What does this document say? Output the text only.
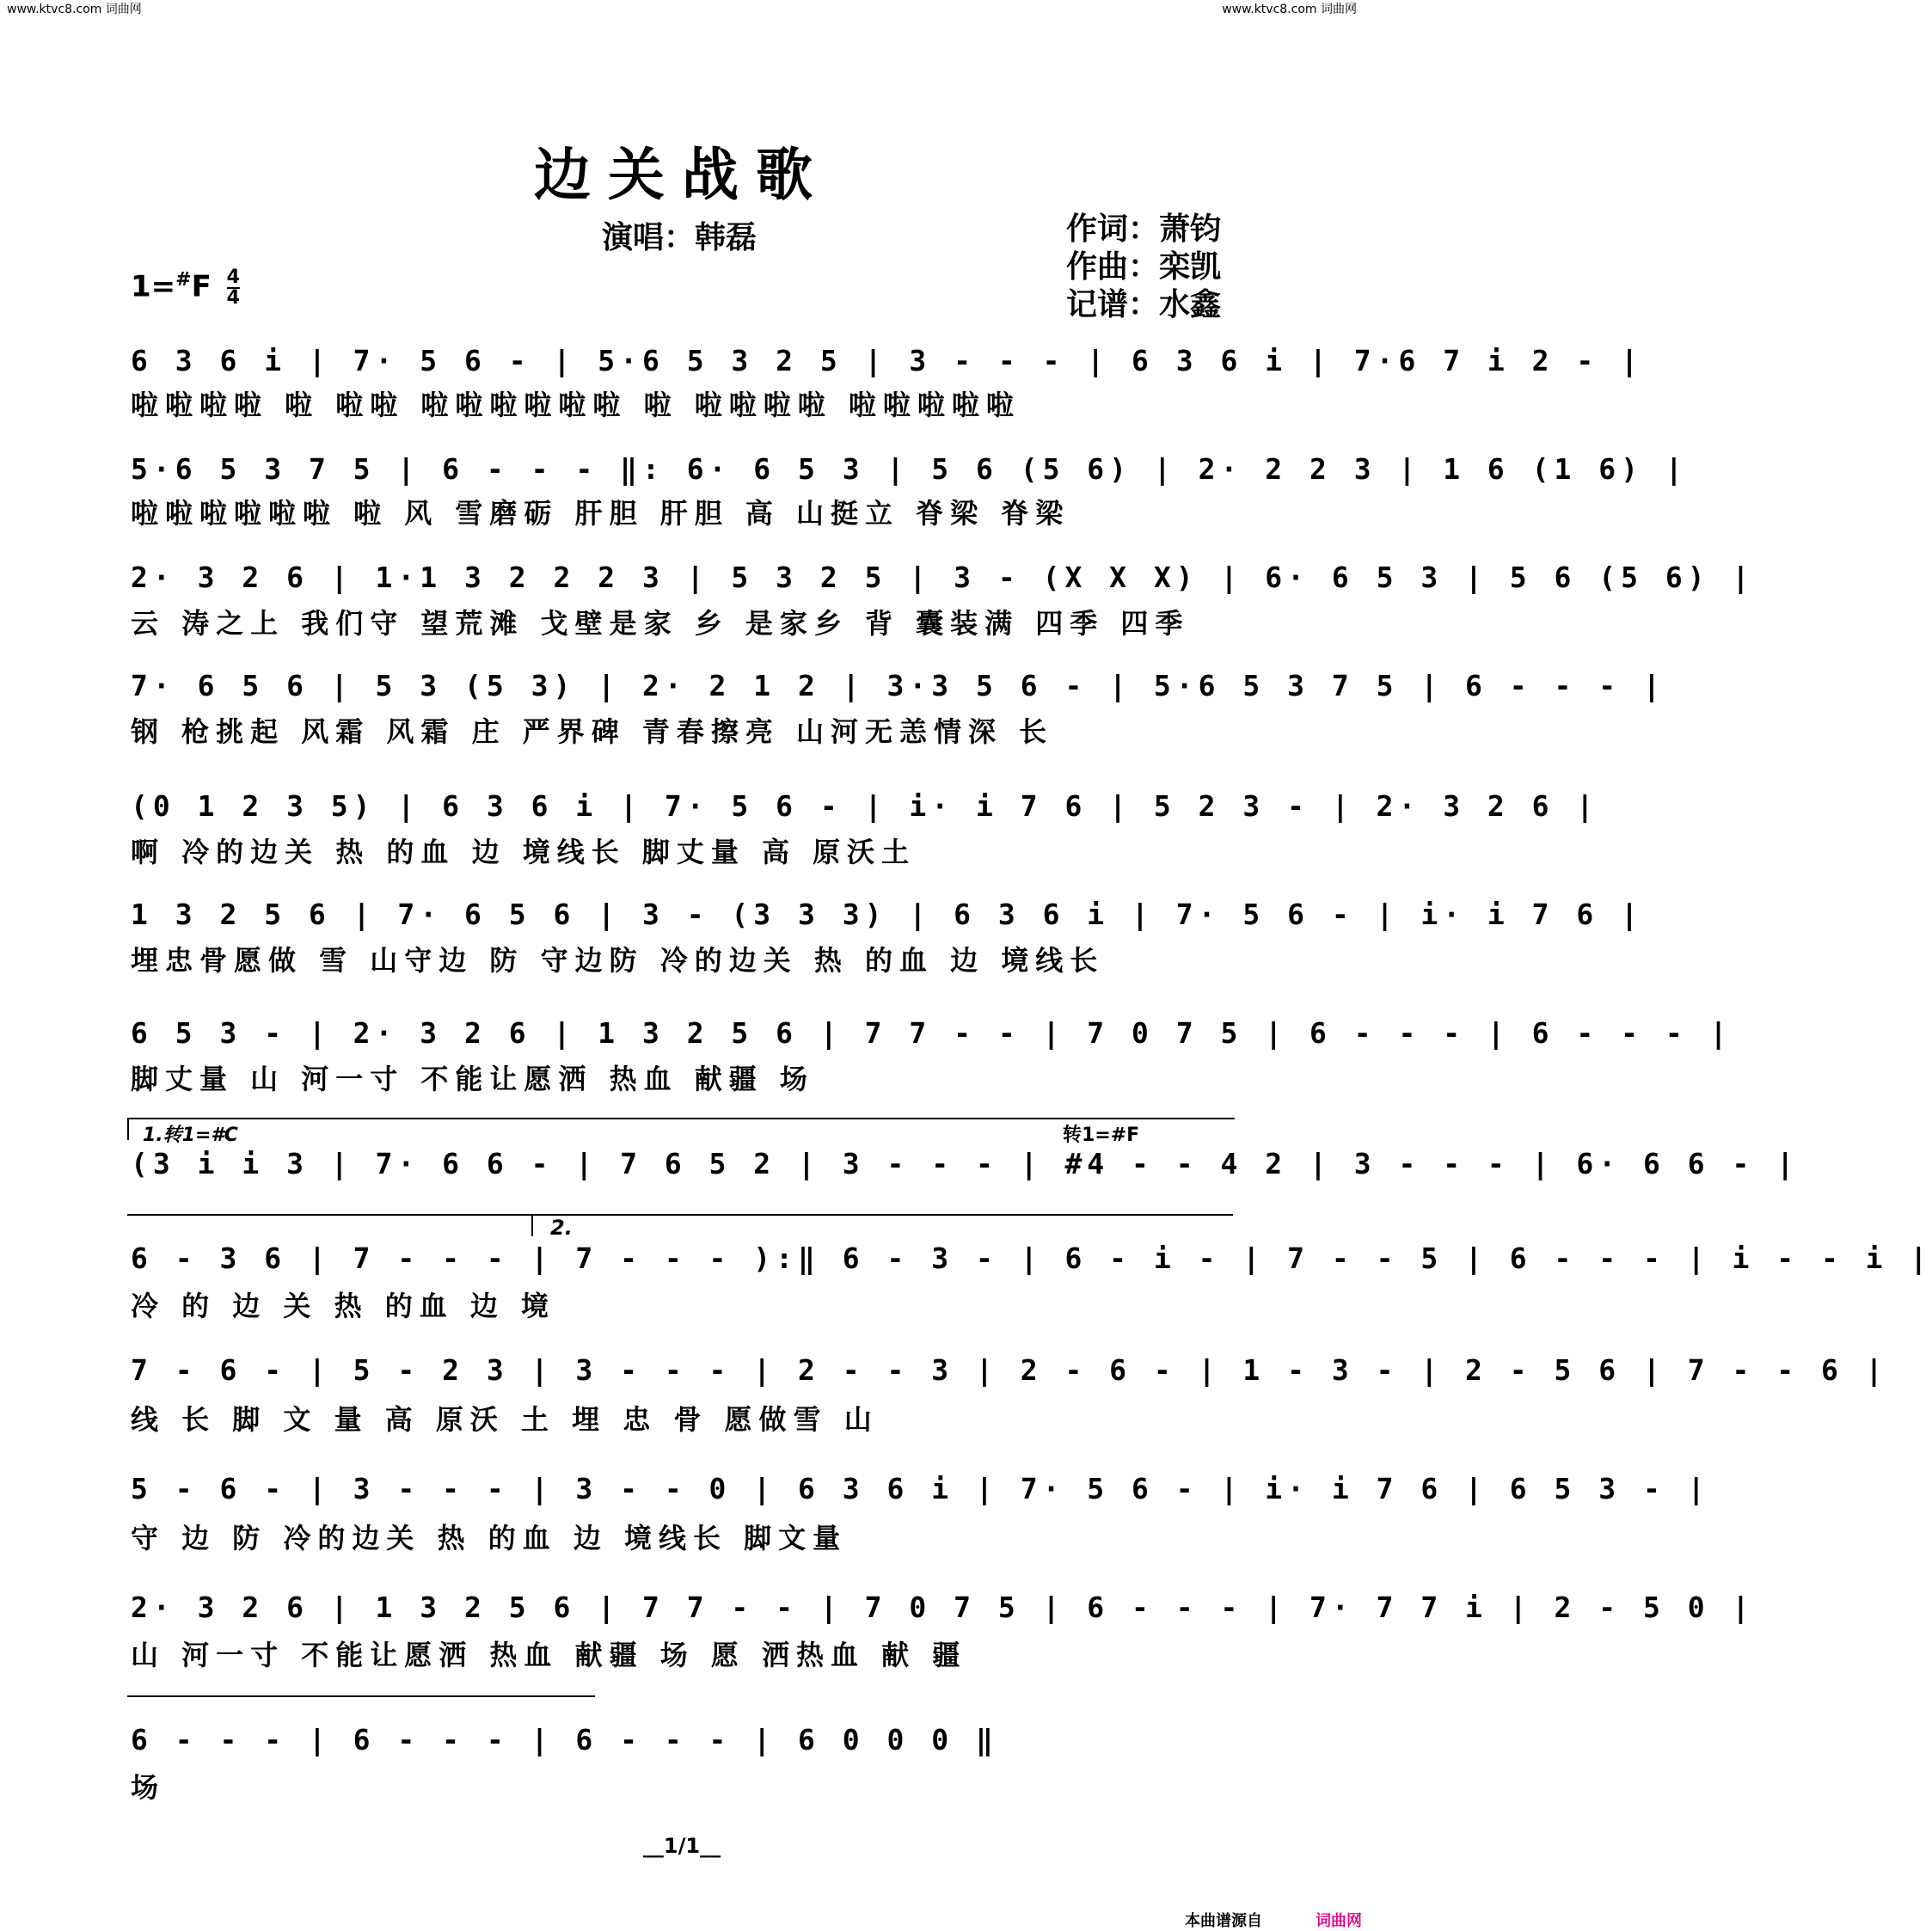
www.ktvc8.com 词曲网	www.ktvc8.com 词曲网
边关战歌
演唱：韩磊	作词：萧钧
作曲：栾凯
记谱：水鑫
$1=^{\#}F \frac{4}{4}$
6 3 6 i | 7· 5 6 - | 5·6 5 3 2 5 | 3 - - - | 6 3 6 i | 7·6 7 i 2 - |
啦啦啦啦 啦 啦啦 啦啦啦啦啦啦 啦 啦啦啦啦 啦啦啦啦啦
5·6 5 3 7 5 | 6 - - - ‖: 6· 6 5 3 | 5 6 (5 6) | 2· 2 2 3 | 1 6 (1 6) |
啦啦啦啦啦啦 啦 风 雪磨砺 肝胆 肝胆 高 山挺立 脊梁 脊梁
2· 3 2 6 | 1·1 3 2 2 2 3 | 5 3 2 5 | 3 - (X X X) | 6· 6 5 3 | 5 6 (5 6) |
云 涛之上 我们守 望荒滩 戈壁是家 乡 是家乡 背 囊装满 四季 四季
7· 6 5 6 | 5 3 (5 3) | 2· 2 1 2 | 3·3 5 6 - | 5·6 5 3 7 5 | 6 - - - |
钢 枪挑起 风霜 风霜 庄 严界碑 青春擦亮 山河无恙情深 长
(0 1 2 3 5) | 6 3 6 i | 7· 5 6 - | i· i 7 6 | 5 2 3 - | 2· 3 2 6 |
啊 冷的边关 热 的血 边 境线长 脚丈量 高 原沃土
1 3 2 5 6 | 7· 6 5 6 | 3 - (3 3 3) | 6 3 6 i | 7· 5 6 - | i· i 7 6 |
埋忠骨愿做 雪 山守边 防 守边防 冷的边关 热 的血 边 境线长
6 5 3 - | 2· 3 2 6 | 1 3 2 5 6 | 7 7 - - | 7 0 7 5 | 6 - - - | 6 - - - |
脚丈量 山 河一寸 不能让愿洒 热血 献疆 场
1.转1=#C	转1=#F
(3 i i 3 | 7· 6 6 - | 7 6 5 2 | 3 - - - | #4 - - 4 2 | 3 - - - | 6· 6 6 - |
2.
6 - 3 6 | 7 - - - | 7 - - - ):‖ 6 - 3 - | 6 - i - | 7 - - 5 | 6 - - - | i - - i |
冷 的 边 关 热 的血 边 境
7 - 6 - | 5 - 2 3 | 3 - - - | 2 - - 3 | 2 - 6 - | 1 - 3 - | 2 - 5 6 | 7 - - 6 |
线 长 脚 文 量 高 原沃 土 埋 忠 骨 愿做雪 山
5 - 6 - | 3 - - - | 3 - - 0 | 6 3 6 i | 7· 5 6 - | i· i 7 6 | 6 5 3 - |
守 边 防 冷的边关 热 的血 边 境线长 脚文量
2· 3 2 6 | 1 3 2 5 6 | 7 7 - - | 7 0 7 5 | 6 - - - | 7· 7 7 i | 2 - 5 0 |
山 河一寸 不能让愿洒 热血 献疆 场 愿 洒热血 献 疆
6 - - - | 6 - - - | 6 - - - | 6 0 0 0 ‖
场
__1/1__
本曲谱源自	词曲网
